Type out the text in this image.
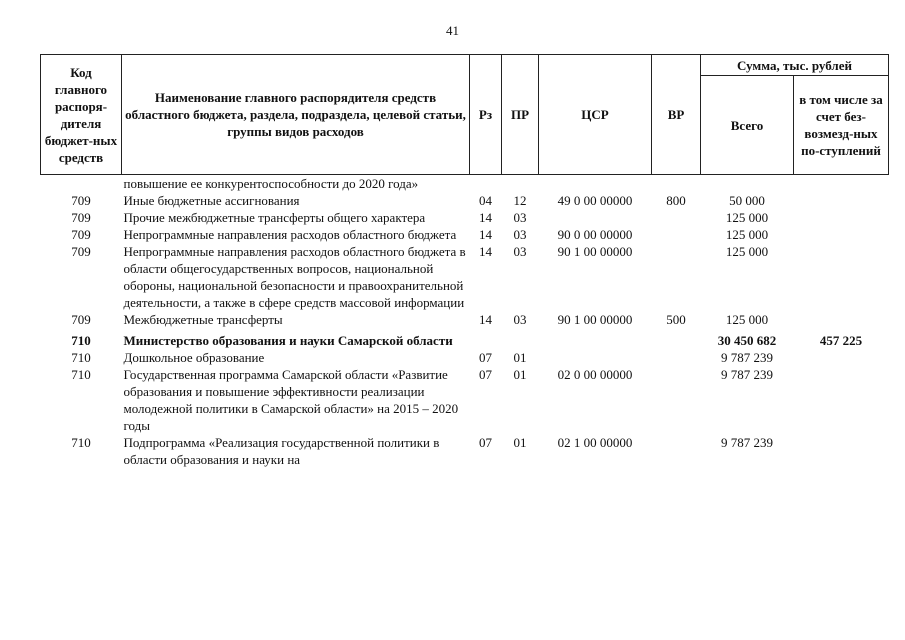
41
Код главного распоря-дителя бюджет-ных средств	Наименование главного распорядителя средств областного бюджета, раздела, подраздела, целевой статьи, группы видов расходов	Рз	ПР	ЦСР	ВР	Сумма, тыс. рублей	
						Всего	в том числе за счет без-возмезд-ных по-ступлений
	повышение ее конкурентоспособности до 2020 года»						
709	Иные бюджетные ассигнования	04	12	49 0 00 00000	800	50 000	
709	Прочие межбюджетные трансферты общего характера	14	03			125 000	
709	Непрограммные направления расходов областного бюджета	14	03	90 0 00 00000		125 000	
709	Непрограммные направления расходов областного бюджета в области общегосударственных вопросов, национальной обороны, национальной безопасности и правоохранительной деятельности, а также в сфере средств массовой информации	14	03	90 1 00 00000		125 000	
709	Межбюджетные трансферты	14	03	90 1 00 00000	500	125 000	
710	Министерство образования и науки Самарской области					30 450 682	457 225
710	Дошкольное образование	07	01			9 787 239	
710	Государственная программа Самарской области «Развитие образования и повышение эффективности реализации молодежной политики в Самарской области» на 2015 – 2020 годы	07	01	02 0 00 00000		9 787 239	
710	Подпрограмма «Реализация государственной политики в области образования и науки на	07	01	02 1 00 00000		9 787 239	
